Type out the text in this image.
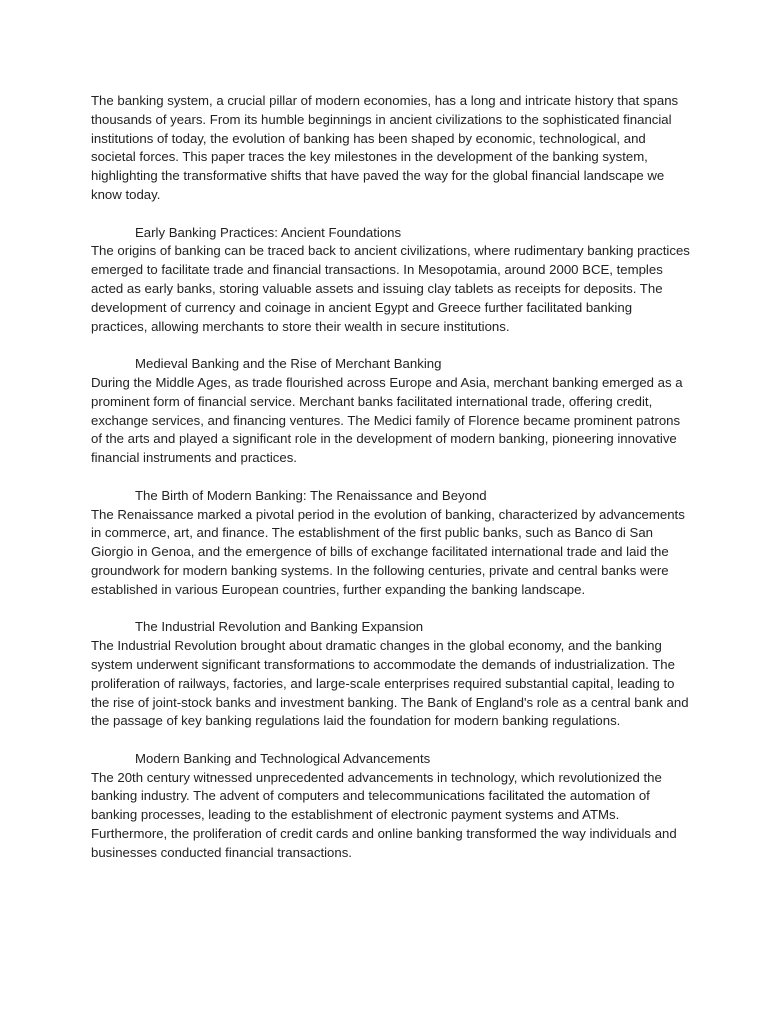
The banking system, a crucial pillar of modern economies, has a long and intricate history that spans thousands of years. From its humble beginnings in ancient civilizations to the sophisticated financial institutions of today, the evolution of banking has been shaped by economic, technological, and societal forces. This paper traces the key milestones in the development of the banking system, highlighting the transformative shifts that have paved the way for the global financial landscape we know today.

Early Banking Practices: Ancient Foundations

The origins of banking can be traced back to ancient civilizations, where rudimentary banking practices emerged to facilitate trade and financial transactions. In Mesopotamia, around 2000 BCE, temples acted as early banks, storing valuable assets and issuing clay tablets as receipts for deposits. The development of currency and coinage in ancient Egypt and Greece further facilitated banking practices, allowing merchants to store their wealth in secure institutions.

Medieval Banking and the Rise of Merchant Banking

During the Middle Ages, as trade flourished across Europe and Asia, merchant banking emerged as a prominent form of financial service. Merchant banks facilitated international trade, offering credit, exchange services, and financing ventures. The Medici family of Florence became prominent patrons of the arts and played a significant role in the development of modern banking, pioneering innovative financial instruments and practices.

The Birth of Modern Banking: The Renaissance and Beyond

The Renaissance marked a pivotal period in the evolution of banking, characterized by advancements in commerce, art, and finance. The establishment of the first public banks, such as Banco di San Giorgio in Genoa, and the emergence of bills of exchange facilitated international trade and laid the groundwork for modern banking systems. In the following centuries, private and central banks were established in various European countries, further expanding the banking landscape.

The Industrial Revolution and Banking Expansion

The Industrial Revolution brought about dramatic changes in the global economy, and the banking system underwent significant transformations to accommodate the demands of industrialization. The proliferation of railways, factories, and large-scale enterprises required substantial capital, leading to the rise of joint-stock banks and investment banking. The Bank of England's role as a central bank and the passage of key banking regulations laid the foundation for modern banking regulations.

Modern Banking and Technological Advancements

The 20th century witnessed unprecedented advancements in technology, which revolutionized the banking industry. The advent of computers and telecommunications facilitated the automation of banking processes, leading to the establishment of electronic payment systems and ATMs. Furthermore, the proliferation of credit cards and online banking transformed the way individuals and businesses conducted financial transactions.
